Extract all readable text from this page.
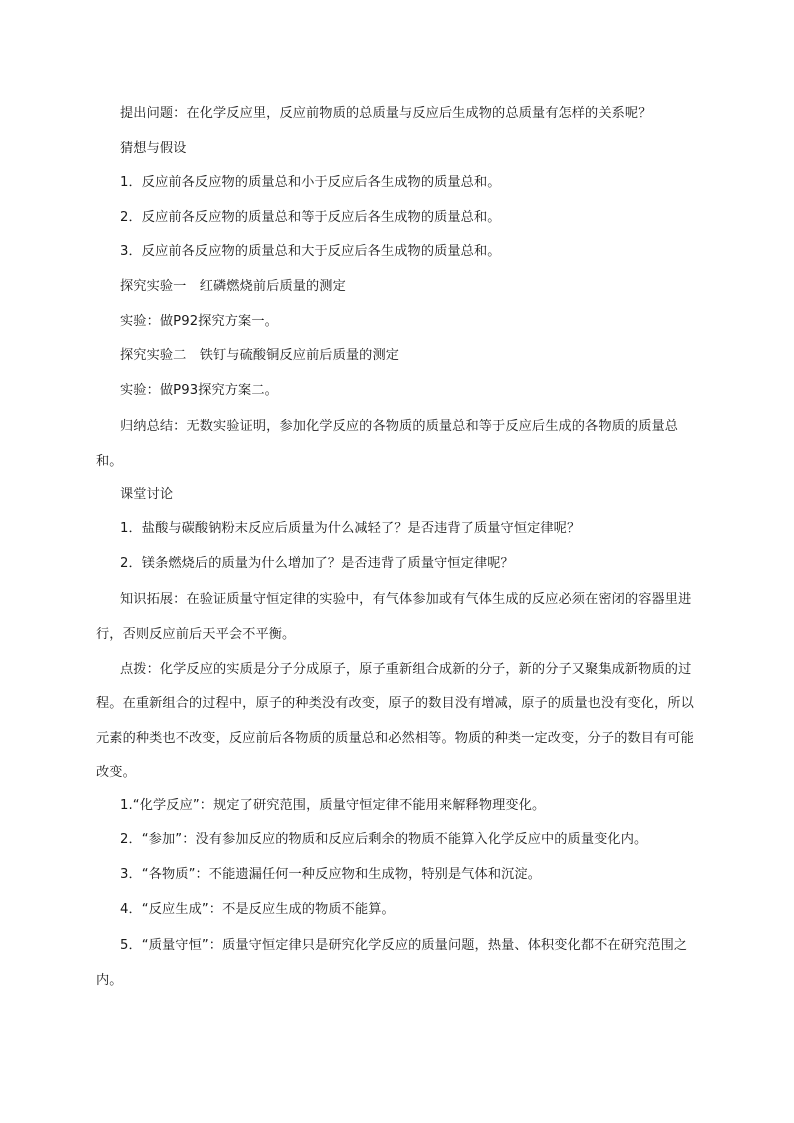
提出问题：在化学反应里，反应前物质的总质量与反应后生成物的总质量有怎样的关系呢？
猜想与假设
1．反应前各反应物的质量总和小于反应后各生成物的质量总和。
2．反应前各反应物的质量总和等于反应后各生成物的质量总和。
3．反应前各反应物的质量总和大于反应后各生成物的质量总和。
探究实验一　红磷燃烧前后质量的测定
实验：做P92探究方案一。
探究实验二　铁钉与硫酸铜反应前后质量的测定
实验：做P93探究方案二。
归纳总结：无数实验证明，参加化学反应的各物质的质量总和等于反应后生成的各物质的质量总和。
课堂讨论
1．盐酸与碳酸钠粉末反应后质量为什么减轻了？是否违背了质量守恒定律呢？
2．镁条燃烧后的质量为什么增加了？是否违背了质量守恒定律呢？
知识拓展：在验证质量守恒定律的实验中，有气体参加或有气体生成的反应必须在密闭的容器里进行，否则反应前后天平会不平衡。
点拨：化学反应的实质是分子分成原子，原子重新组合成新的分子，新的分子又聚集成新物质的过程。在重新组合的过程中，原子的种类没有改变，原子的数目没有增减，原子的质量也没有变化，所以元素的种类也不改变，反应前后各物质的质量总和必然相等。物质的种类一定改变，分子的数目有可能改变。
1.“化学反应”：规定了研究范围，质量守恒定律不能用来解释物理变化。
2．“参加”：没有参加反应的物质和反应后剩余的物质不能算入化学反应中的质量变化内。
3．“各物质”：不能遗漏任何一种反应物和生成物，特别是气体和沉淀。
4．“反应生成”：不是反应生成的物质不能算。
5．“质量守恒”：质量守恒定律只是研究化学反应的质量问题，热量、体积变化都不在研究范围之内。
